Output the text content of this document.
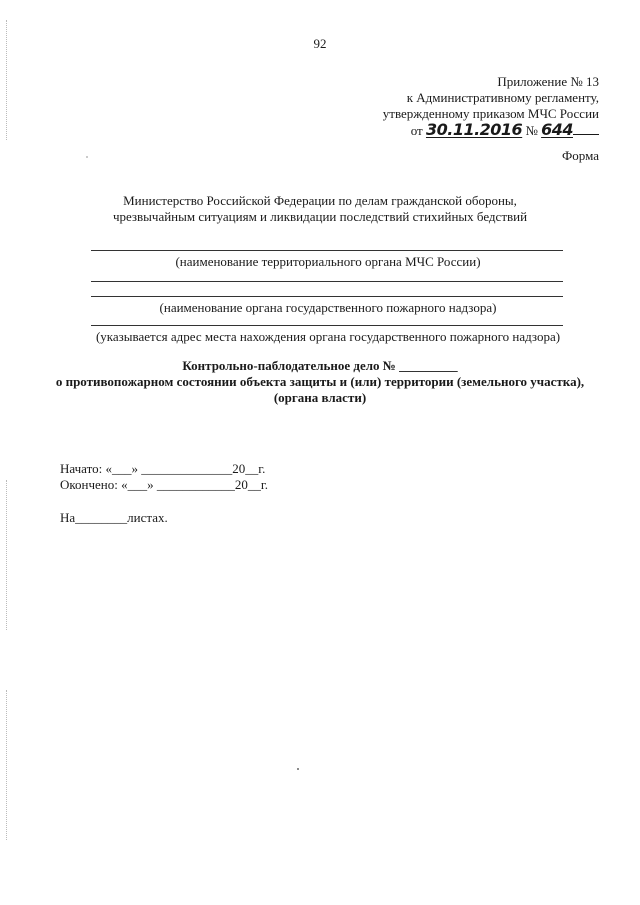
92
Приложение № 13
к Административному регламенту,
утвержденному приказом МЧС России
от 30.11.2016 № 644
Форма
Министерство Российской Федерации по делам гражданской обороны,
чрезвычайным ситуациям и ликвидации последствий стихийных бедствий
(наименование территориального органа МЧС России)
(наименование органа государственного пожарного надзора)
(указывается адрес места нахождения органа государственного пожарного надзора)
Контрольно-паблодательное дело № _________
о противопожарном состоянии объекта защиты и (или) территории (земельного участка),
(органа власти)
Начато: «___» ______________20__г.
Окончено: «___» ____________20__г.
На________листах.
